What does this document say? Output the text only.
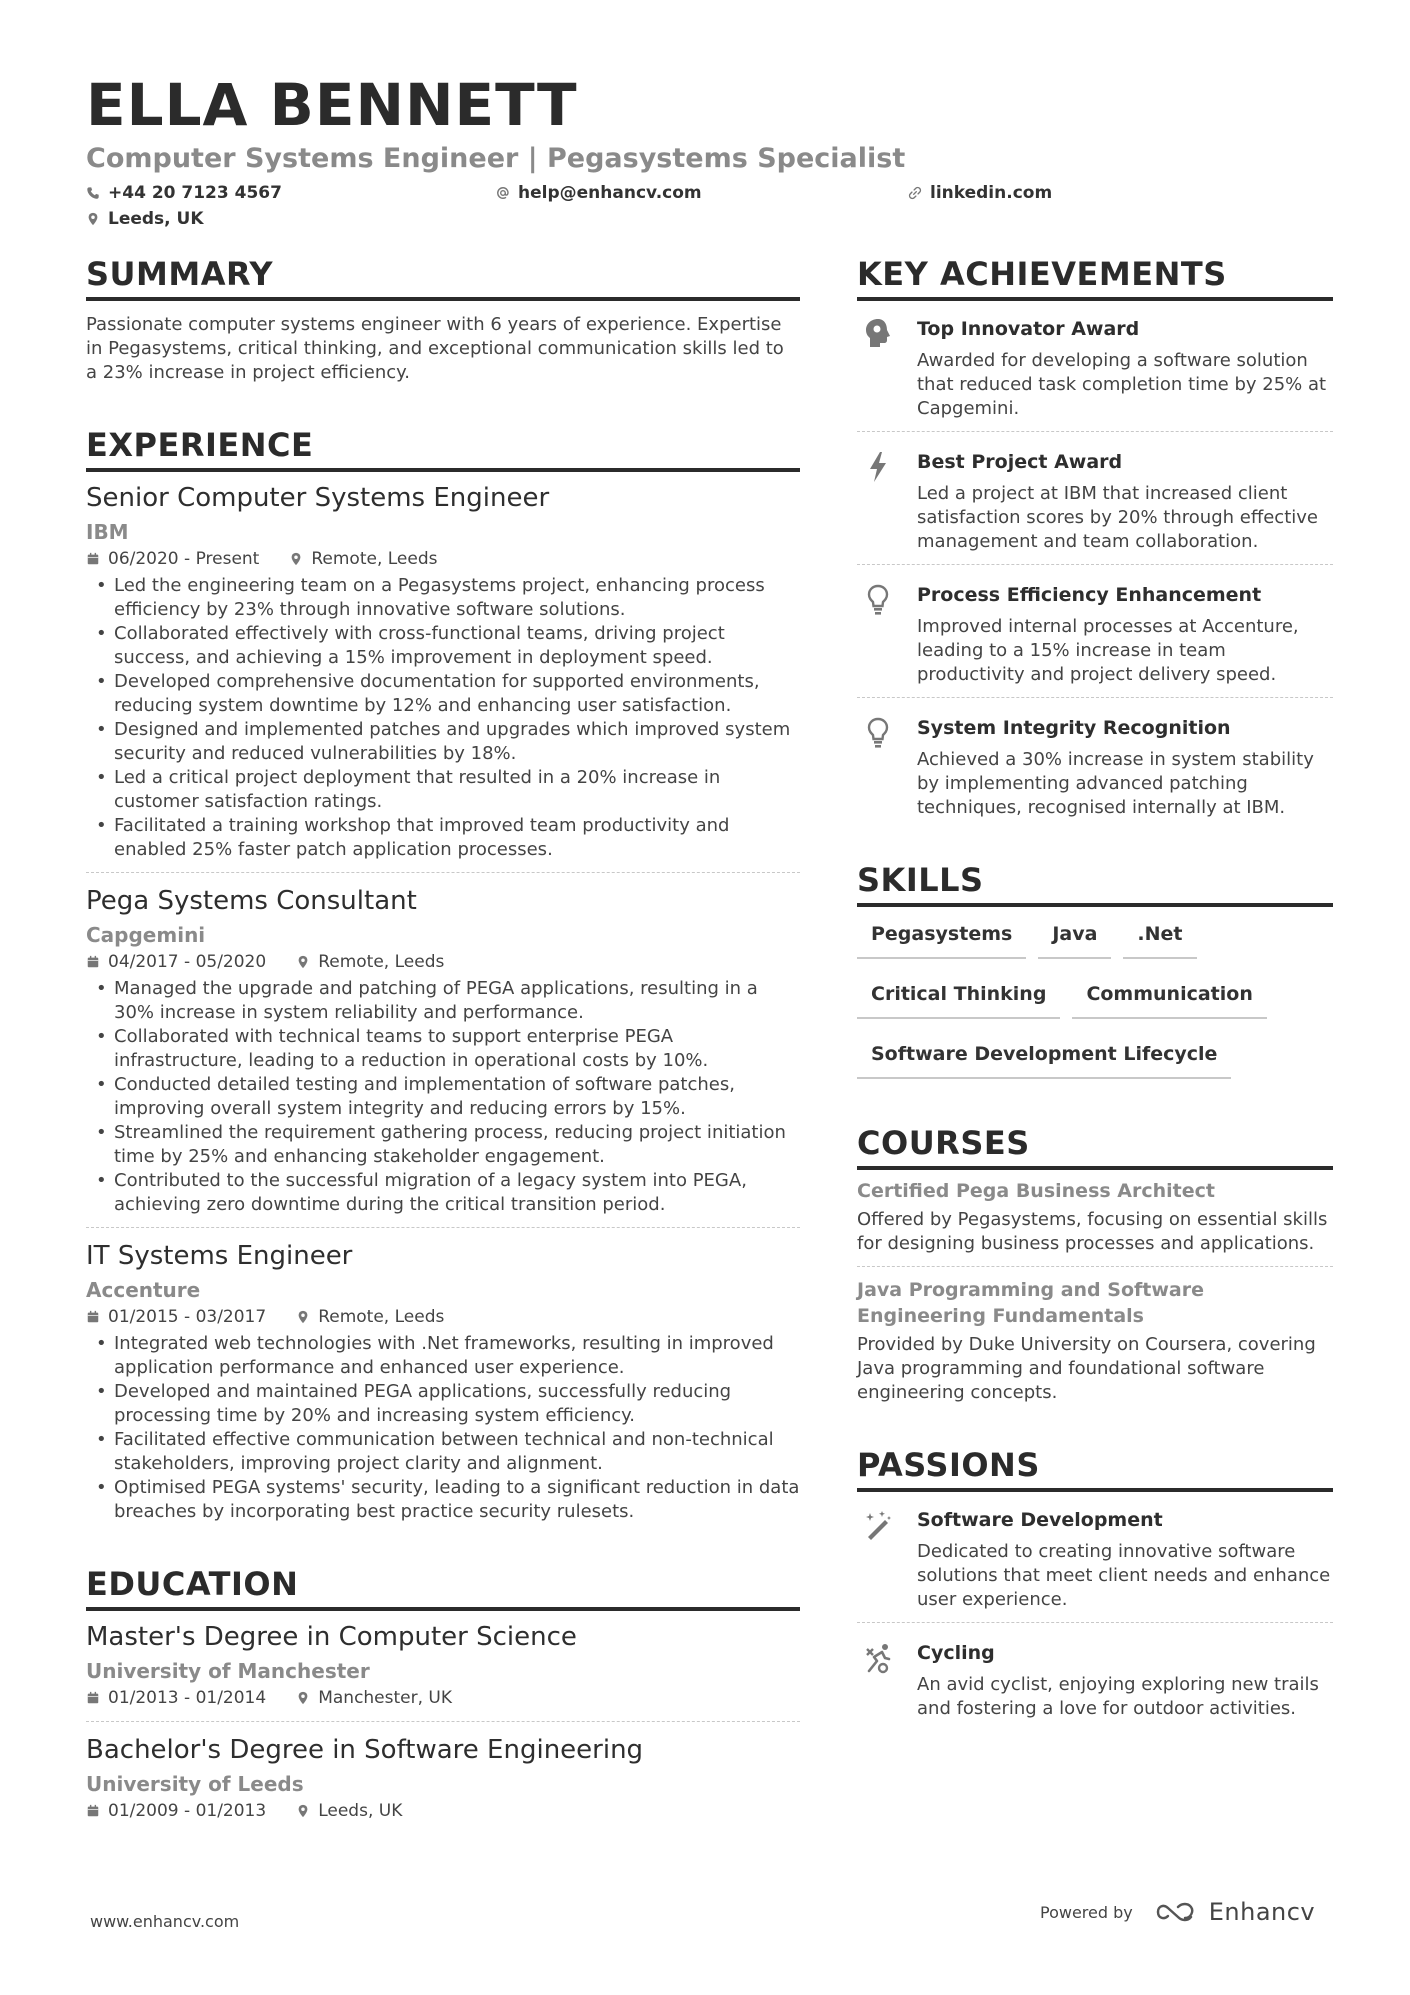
ELLA BENNETT
Computer Systems Engineer | Pegasystems Specialist
+44 20 7123 4567	help@enhancv.com	linkedin.com
Leeds, UK
SUMMARY
Passionate computer systems engineer with 6 years of experience. Expertise in Pegasystems, critical thinking, and exceptional communication skills led to a 23% increase in project efficiency.
EXPERIENCE
Senior Computer Systems Engineer
IBM
06/2020 - Present	Remote, Leeds
• Led the engineering team on a Pegasystems project, enhancing process efficiency by 23% through innovative software solutions.
• Collaborated effectively with cross-functional teams, driving project success, and achieving a 15% improvement in deployment speed.
• Developed comprehensive documentation for supported environments, reducing system downtime by 12% and enhancing user satisfaction.
• Designed and implemented patches and upgrades which improved system security and reduced vulnerabilities by 18%.
• Led a critical project deployment that resulted in a 20% increase in customer satisfaction ratings.
• Facilitated a training workshop that improved team productivity and enabled 25% faster patch application processes.
Pega Systems Consultant
Capgemini
04/2017 - 05/2020	Remote, Leeds
• Managed the upgrade and patching of PEGA applications, resulting in a 30% increase in system reliability and performance.
• Collaborated with technical teams to support enterprise PEGA infrastructure, leading to a reduction in operational costs by 10%.
• Conducted detailed testing and implementation of software patches, improving overall system integrity and reducing errors by 15%.
• Streamlined the requirement gathering process, reducing project initiation time by 25% and enhancing stakeholder engagement.
• Contributed to the successful migration of a legacy system into PEGA, achieving zero downtime during the critical transition period.
IT Systems Engineer
Accenture
01/2015 - 03/2017	Remote, Leeds
• Integrated web technologies with .Net frameworks, resulting in improved application performance and enhanced user experience.
• Developed and maintained PEGA applications, successfully reducing processing time by 20% and increasing system efficiency.
• Facilitated effective communication between technical and non-technical stakeholders, improving project clarity and alignment.
• Optimised PEGA systems' security, leading to a significant reduction in data breaches by incorporating best practice security rulesets.
EDUCATION
Master's Degree in Computer Science
University of Manchester
01/2013 - 01/2014	Manchester, UK
Bachelor's Degree in Software Engineering
University of Leeds
01/2009 - 01/2013	Leeds, UK
KEY ACHIEVEMENTS
Top Innovator Award
Awarded for developing a software solution that reduced task completion time by 25% at Capgemini.
Best Project Award
Led a project at IBM that increased client satisfaction scores by 20% through effective management and team collaboration.
Process Efficiency Enhancement
Improved internal processes at Accenture, leading to a 15% increase in team productivity and project delivery speed.
System Integrity Recognition
Achieved a 30% increase in system stability by implementing advanced patching techniques, recognised internally at IBM.
SKILLS
Pegasystems	Java	.Net
Critical Thinking	Communication
Software Development Lifecycle
COURSES
Certified Pega Business Architect
Offered by Pegasystems, focusing on essential skills for designing business processes and applications.
Java Programming and Software Engineering Fundamentals
Provided by Duke University on Coursera, covering Java programming and foundational software engineering concepts.
PASSIONS
Software Development
Dedicated to creating innovative software solutions that meet client needs and enhance user experience.
Cycling
An avid cyclist, enjoying exploring new trails and fostering a love for outdoor activities.
www.enhancv.com	Powered by	Enhancv
